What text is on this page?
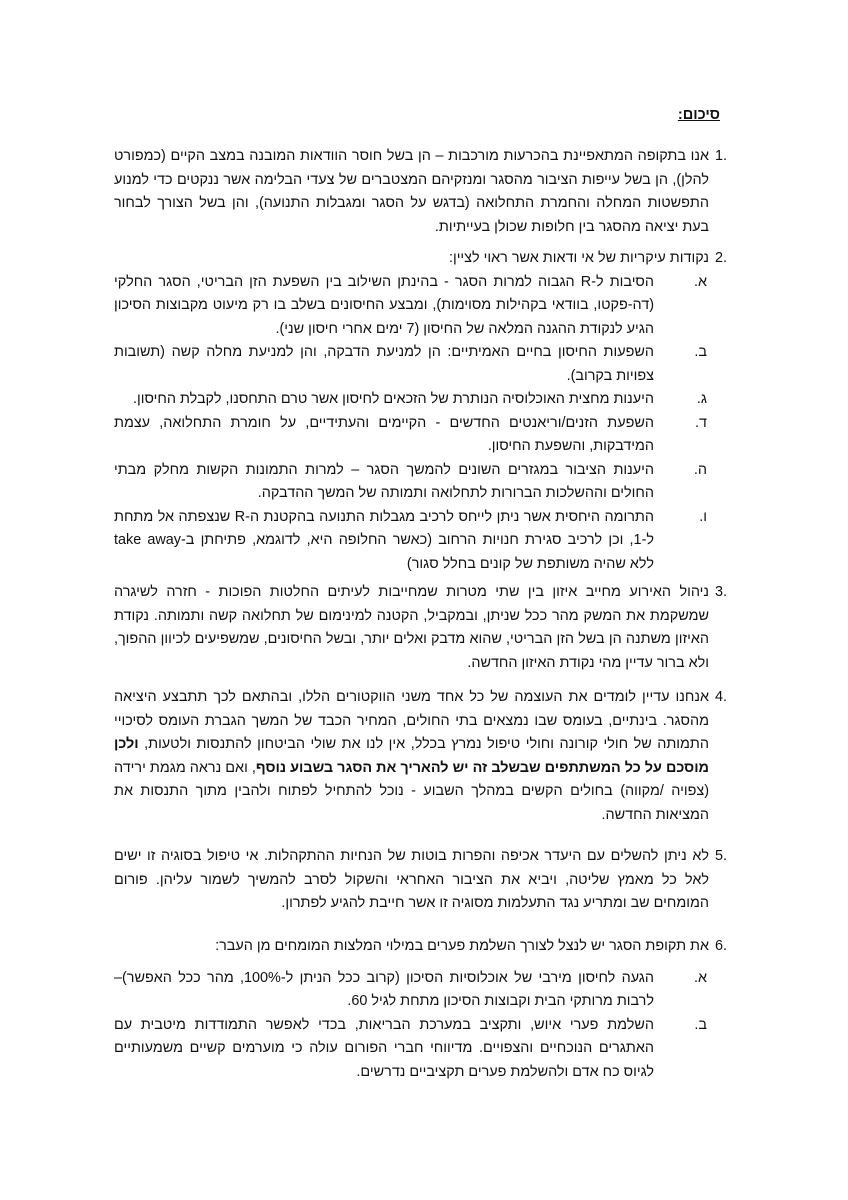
סיכום:
1.
אנו בתקופה המתאפיינת בהכרעות מורכבות – הן בשל חוסר הוודאות המובנה במצב הקיים (כמפורט להלן), הן בשל עייפות הציבור מהסגר ומנזקיהם המצטברים של צעדי הבלימה אשר ננקטים כדי למנוע התפשטות המחלה והחמרת התחלואה (בדגש על הסגר ומגבלות התנועה), והן בשל הצורך לבחור בעת יציאה מהסגר בין חלופות שכולן בעייתיות.
2.
נקודות עיקריות של אי ודאות אשר ראוי לציין:
א.
הסיבות ל-R הגבוה למרות הסגר - בהינתן השילוב בין השפעת הזן הבריטי, הסגר החלקי (דה-פקטו, בוודאי בקהילות מסוימות), ומבצע החיסונים בשלב בו רק מיעוט מקבוצות הסיכון הגיע לנקודת ההגנה המלאה של החיסון (7 ימים אחרי חיסון שני).
ב.
השפעות החיסון בחיים האמיתיים: הן למניעת הדבקה, והן למניעת מחלה קשה (תשובות צפויות בקרוב).
ג.
היענות מחצית האוכלוסיה הנותרת של הזכאים לחיסון אשר טרם התחסנו, לקבלת החיסון.
ד.
השפעת הזנים/וריאנטים החדשים - הקיימים והעתידיים, על חומרת התחלואה, עצמת המידבקות, והשפעת החיסון.
ה.
היענות הציבור במגזרים השונים להמשך הסגר – למרות התמונות הקשות מחלק מבתי החולים וההשלכות הברורות לתחלואה ותמותה של המשך ההדבקה.
ו.
התרומה היחסית אשר ניתן לייחס לרכיב מגבלות התנועה בהקטנת ה-R שנצפתה אל מתחת ל-1, וכן לרכיב סגירת חנויות הרחוב (כאשר החלופה היא, לדוגמא, פתיחתן ב-take away ללא שהיה משותפת של קונים בחלל סגור)
3.
ניהול האירוע מחייב איזון בין שתי מטרות שמחייבות לעיתים החלטות הפוכות - חזרה לשיגרה שמשקמת את המשק מהר ככל שניתן, ובמקביל, הקטנה למינימום של תחלואה קשה ותמותה. נקודת האיזון משתנה הן בשל הזן הבריטי, שהוא מדבק ואלים יותר, ובשל החיסונים, שמשפיעים לכיוון ההפוך, ולא ברור עדיין מהי נקודת האיזון החדשה.
4.
אנחנו עדיין לומדים את העוצמה של כל אחד משני הווקטורים הללו, ובהתאם לכך תתבצע היציאה מהסגר. בינתיים, בעומס שבו נמצאים בתי החולים, המחיר הכבד של המשך הגברת העומס לסיכויי התמותה של חולי קורונה וחולי טיפול נמרץ בכלל, אין לנו את שולי הביטחון להתנסות ולטעות, ולכן מוסכם על כל המשתתפים שבשלב זה יש להאריך את הסגר בשבוע נוסף, ואם נראה מגמת ירידה (צפויה /מקווה) בחולים הקשים במהלך השבוע - נוכל להתחיל לפתוח ולהבין מתוך התנסות את המציאות החדשה.
5.
לא ניתן להשלים עם היעדר אכיפה והפרות בוטות של הנחיות ההתקהלות. אי טיפול בסוגיה זו ישים לאל כל מאמץ שליטה, ויביא את הציבור האחראי והשקול לסרב להמשיך לשמור עליהן. פורום המומחים שב ומתריע נגד התעלמות מסוגיה זו אשר חייבת להגיע לפתרון.
6.
את תקופת הסגר יש לנצל לצורך השלמת פערים במילוי המלצות המומחים מן העבר:
א.
הגעה לחיסון מירבי של אוכלוסיות הסיכון (קרוב ככל הניתן ל-100%, מהר ככל האפשר)– לרבות מרותקי הבית וקבוצות הסיכון מתחת לגיל 60.
ב.
השלמת פערי איוש, ותקציב במערכת הבריאות, בכדי לאפשר התמודדות מיטבית עם האתגרים הנוכחיים והצפויים. מדיווחי חברי הפורום עולה כי מוערמים קשיים משמעותיים לגיוס כח אדם ולהשלמת פערים תקציביים נדרשים.
